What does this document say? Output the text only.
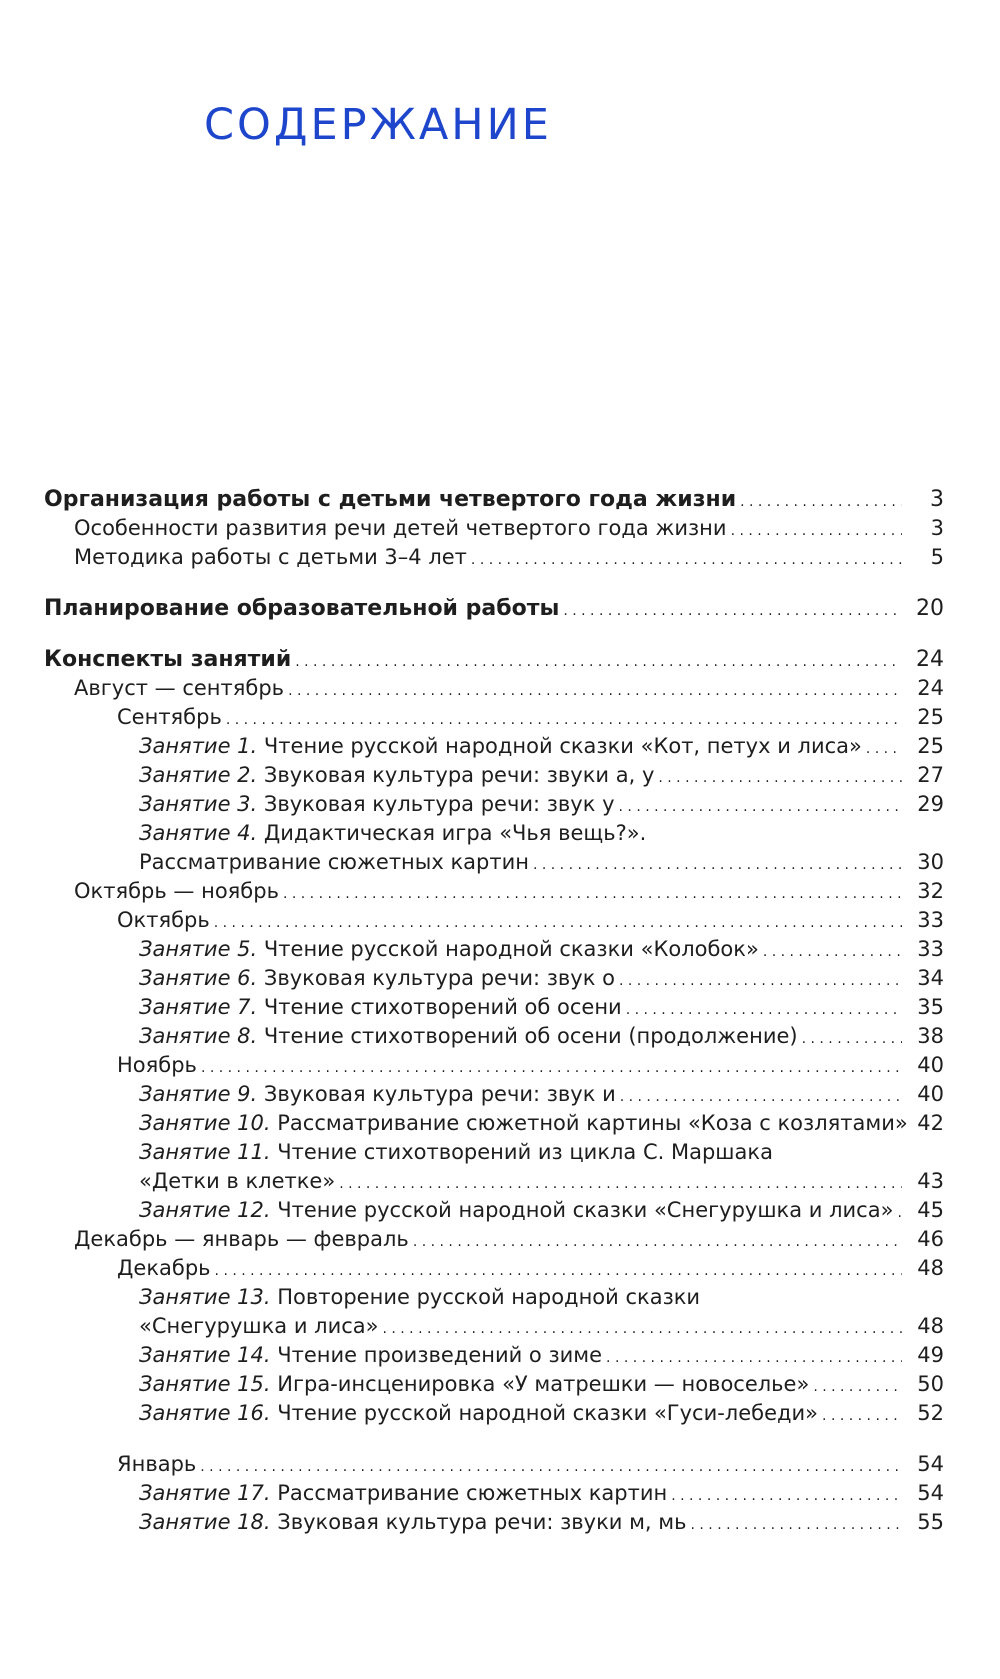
СОДЕРЖАНИЕ
Организация работы с детьми четвертого года жизни . . .	3
Особенности развития речи детей четвертого года жизни . . .	3
Методика работы с детьми 3–4 лет . . .	5
Планирование образовательной работы . . .	20
Конспекты занятий . . .	24
Август — сентябрь . . .	24
Сентябрь . . .	25
Занятие 1. Чтение русской народной сказки «Кот, петух и лиса» . . .	25
Занятие 2. Звуковая культура речи: звуки а, у . . .	27
Занятие 3. Звуковая культура речи: звук у . . .	29
Занятие 4. Дидактическая игра «Чья вещь?».
Рассматривание сюжетных картин . . .	30
Октябрь — ноябрь . . .	32
Октябрь . . .	33
Занятие 5. Чтение русской народной сказки «Колобок» . . .	33
Занятие 6. Звуковая культура речи: звук о . . .	34
Занятие 7. Чтение стихотворений об осени . . .	35
Занятие 8. Чтение стихотворений об осени (продолжение) . . .	38
Ноябрь . . .	40
Занятие 9. Звуковая культура речи: звук и . . .	40
Занятие 10. Рассматривание сюжетной картины «Коза с козлятами» 42
Занятие 11. Чтение стихотворений из цикла С. Маршака
«Детки в клетке» . . .	43
Занятие 12. Чтение русской народной сказки «Снегурушка и лиса» . . .	45
Декабрь — январь — февраль . . .	46
Декабрь . . .	48
Занятие 13. Повторение русской народной сказки
«Снегурушка и лиса» . . .	48
Занятие 14. Чтение произведений о зиме . . .	49
Занятие 15. Игра-инсценировка «У матрешки — новоселье» . . .	50
Занятие 16. Чтение русской народной сказки «Гуси-лебеди» . . .	52
Январь . . .	54
Занятие 17. Рассматривание сюжетных картин . . .	54
Занятие 18. Звуковая культура речи: звуки м, мь . . .	55
